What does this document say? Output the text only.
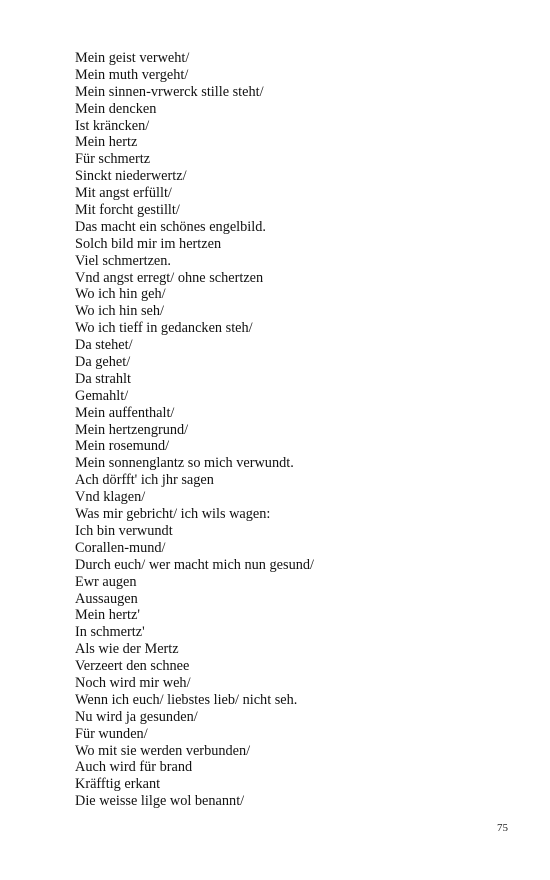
Mein geist verweht/
Mein muth vergeht/
Mein sinnen-vrwerck stille steht/
Mein dencken
Ist kräncken/
Mein hertz
Für schmertz
Sinckt niederwertz/
Mit angst erfüllt/
Mit forcht gestillt/
Das macht ein schönes engelbild.
Solch bild mir im hertzen
Viel schmertzen.
Vnd angst erregt/ ohne schertzen
Wo ich hin geh/
Wo ich hin seh/
Wo ich tieff in gedancken steh/
Da stehet/
Da gehet/
Da strahlt
Gemahlt/
Mein auffenthalt/
Mein hertzengrund/
Mein rosemund/
Mein sonnenglantz so mich verwundt.
Ach dörfft' ich jhr sagen
Vnd klagen/
Was mir gebricht/ ich wils wagen:
Ich bin verwundt
Corallen-mund/
Durch euch/ wer macht mich nun gesund/
Ewr augen
Aussaugen
Mein hertz'
In schmertz'
Als wie der Mertz
Verzeert den schnee
Noch wird mir weh/
Wenn ich euch/ liebstes lieb/ nicht seh.
Nu wird ja gesunden/
Für wunden/
Wo mit sie werden verbunden/
Auch wird für brand
Kräfftig erkant
Die weisse lilge wol benannt/
75
